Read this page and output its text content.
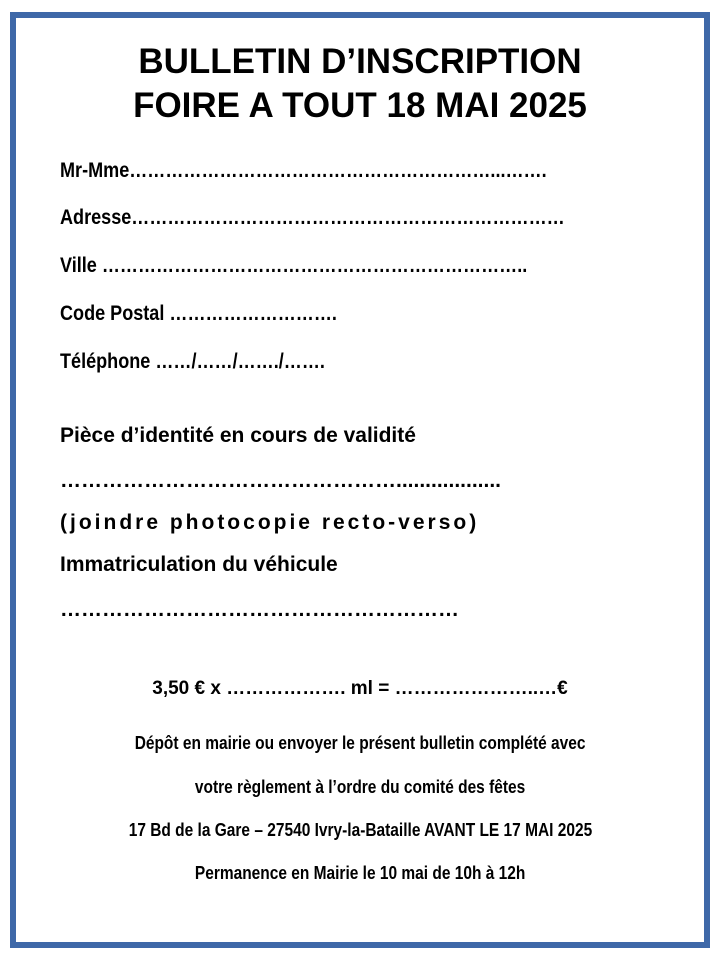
BULLETIN D’INSCRIPTION
FOIRE A TOUT 18 MAI 2025
Mr-Mme……………………………………………………...…….
Adresse………………………………………………………………
Ville ……………………………………………………………..
Code Postal ……………………….
Téléphone ……/……/……./…….
Pièce d’identité en cours de validité
…………………………………………..................
(joindre photocopie recto-verso)
Immatriculation du véhicule
…………………………………………………
3,50 € x ………………. ml = …………………..…€
Dépôt en mairie ou envoyer le présent bulletin complété avec
votre règlement à l’ordre du comité des fêtes
17 Bd de la Gare – 27540 Ivry-la-Bataille AVANT LE 17 MAI 2025
Permanence en Mairie le 10 mai de 10h à 12h
